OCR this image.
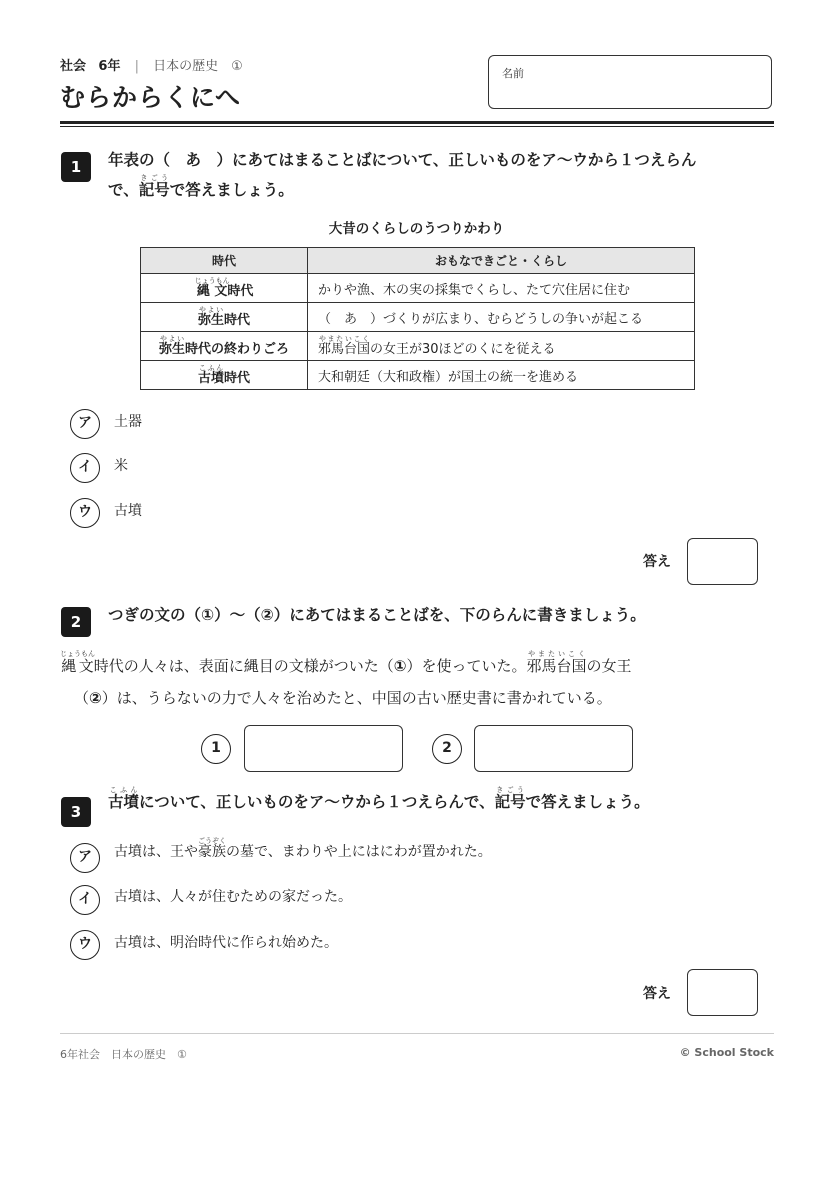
社会 6年 | 日本の歴史　①
むらからくにへ
名前
1	年表の（　あ　）にあてはまることばについて、正しいものをア〜ウから１つえらん
で、記号きごうで答えましょう。
大昔のくらしのうつりかわり
時代	おもなできごと・くらし
縄文じょうもん時代	かりや漁、木の実の採集でくらし、たて穴住居に住む
弥生やよい時代	（　あ　）づくりが広まり、むらどうしの争いが起こる
弥生やよい時代の終わりごろ	邪馬台国やまたいこくの女王が30ほどのくにを従える
古墳こふん時代	大和朝廷（大和政権）が国土の統一を進める
ア	土器
イ	米
ウ	古墳
答え
2	つぎの文の（①）〜（②）にあてはまることばを、下のらんに書きましょう。
縄文じょうもん時代の人々は、表面に縄目の文様がついた（①）を使っていた。邪馬台国やまたいこくの女王
（②）は、うらないの力で人々を治めたと、中国の古い歴史書に書かれている。
1	2
3
古墳こふんについて、正しいものをア〜ウから１つえらんで、記号きごうで答えましょう。
ア	古墳は、王や豪族ごうぞくの墓で、まわりや上にはにわが置かれた。
イ	古墳は、人々が住むための家だった。
ウ	古墳は、明治時代に作られ始めた。
答え
6年社会　日本の歴史　①	© School Stock
